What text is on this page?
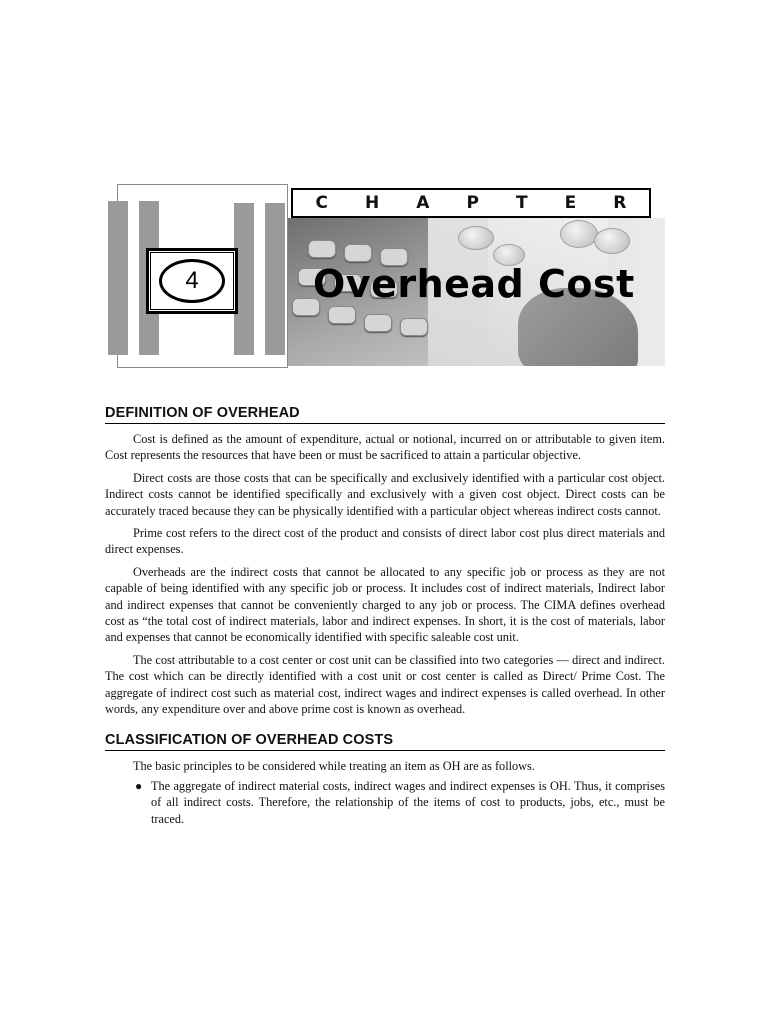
4
C H A P T E R
Overhead Cost
DEFINITION OF OVERHEAD

Cost is defined as the amount of expenditure, actual or notional, incurred on or attributable to given item. Cost represents the resources that have been or must be sacrificed to attain a particular objective.

Direct costs are those costs that can be specifically and exclusively identified with a particular cost object. Indirect costs cannot be identified specifically and exclusively with a given cost object. Direct costs can be accurately traced because they can be physically identified with a particular object whereas indirect costs cannot.

Prime cost refers to the direct cost of the product and consists of direct labor cost plus direct materials and direct expenses.

Overheads are the indirect costs that cannot be allocated to any specific job or process as they are not capable of being identified with any specific job or process. It includes cost of indirect materials, Indirect labor and indirect expenses that cannot be conveniently charged to any job or process. The CIMA defines overhead cost as “the total cost of indirect materials, labor and indirect expenses. In short, it is the cost of materials, labor and expenses that cannot be economically identified with specific saleable cost unit.

The cost attributable to a cost center or cost unit can be classified into two categories — direct and indirect. The cost which can be directly identified with a cost unit or cost center is called as Direct/ Prime Cost. The aggregate of indirect cost such as material cost, indirect wages and indirect expenses is called overhead. In other words, any expenditure over and above prime cost is known as overhead.

CLASSIFICATION OF OVERHEAD COSTS

The basic principles to be considered while treating an item as OH are as follows.

● The aggregate of indirect material costs, indirect wages and indirect expenses is OH. Thus, it comprises of all indirect costs. Therefore, the relationship of the items of cost to products, jobs, etc., must be traced.
